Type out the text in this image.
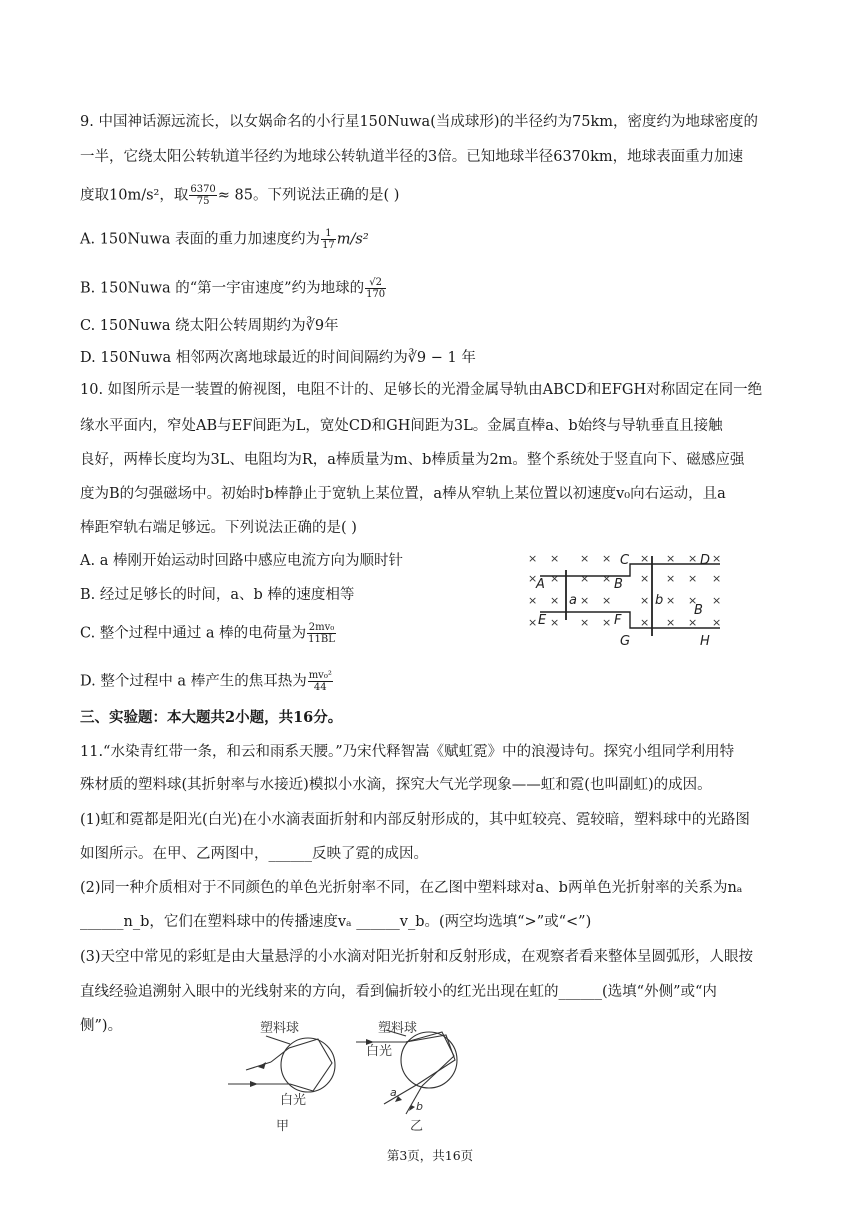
9. 中国神话源远流长，以女娲命名的小行星150Nuwa(当成球形)的半径约为75km，密度约为地球密度的
一半，它绕太阳公转轨道半径约为地球公转轨道半径的3倍。已知地球半径6370km，地球表面重力加速
度取10m/s²，取 $\frac{6370}{75} \approx 85$。下列说法正确的是( )
A. 150Nuwa 表面的重力加速度约为 $\frac{1}{17} m/s^2$
B. 150Nuwa 的“第一宇宙速度”约为地球的 $\frac{√2}{170}$
C. 150Nuwa 绕太阳公转周期约为∛9年
D. 150Nuwa 相邻两次离地球最近的时间间隔约为∛9 − 1 年
10. 如图所示是一装置的俯视图，电阻不计的、足够长的光滑金属导轨由ABCD和EFGH对称固定在同一绝
缘水平面内，窄处AB与EF间距为L，宽处CD和GH间距为3L。金属直棒a、b始终与导轨垂直且接触
良好，两棒长度均为3L、电阻均为R，a棒质量为m、b棒质量为2m。整个系统处于竖直向下、磁感应强
度为B的匀强磁场中。初始时b棒静止于宽轨上某位置，a棒从窄轨上某位置以初速度v₀向右运动，且a
棒距窄轨右端足够远。下列说法正确的是( )
A. a 棒刚开始运动时回路中感应电流方向为顺时针
B. 经过足够长的时间，a、b 棒的速度相等
C. 整个过程中通过 a 棒的电荷量为 $\frac{\text{2mv₀}}{11BL}$
D. 整个过程中 a 棒产生的焦耳热为 $\frac{\text{mv₀²}}{44}$
× × × ×	× × × ×
× × × ×	× × × ×
× × × ×	× × × ×
× × × ×	× × × ×
A	B
C	D
E	F
G	H
a	b
B
三、实验题：本大题共2小题，共16分。
11.“水染青红带一条，和云和雨系天腰。”乃宋代释智嵩《赋虹霓》中的浪漫诗句。探究小组同学利用特
殊材质的塑料球(其折射率与水接近)模拟小水滴，探究大气光学现象——虹和霓(也叫副虹)的成因。
(1)虹和霓都是阳光(白光)在小水滴表面折射和内部反射形成的，其中虹较亮、霓较暗，塑料球中的光路图
如图所示。在甲、乙两图中，______反映了霓的成因。
(2)同一种介质相对于不同颜色的单色光折射率不同，在乙图中塑料球对a、b两单色光折射率的关系为nₐ
______n_b，它们在塑料球中的传播速度vₐ ______v_b。(两空均选填“>”或“<”)
(3)天空中常见的彩虹是由大量悬浮的小水滴对阳光折射和反射形成，在观察者看来整体呈圆弧形，人眼按
直线经验追溯射入眼中的光线射来的方向，看到偏折较小的红光出现在虹的______(选填“外侧”或“内
侧”)。	塑料球
白光
甲
塑料球
白光
a
b
乙
第3页，共16页
